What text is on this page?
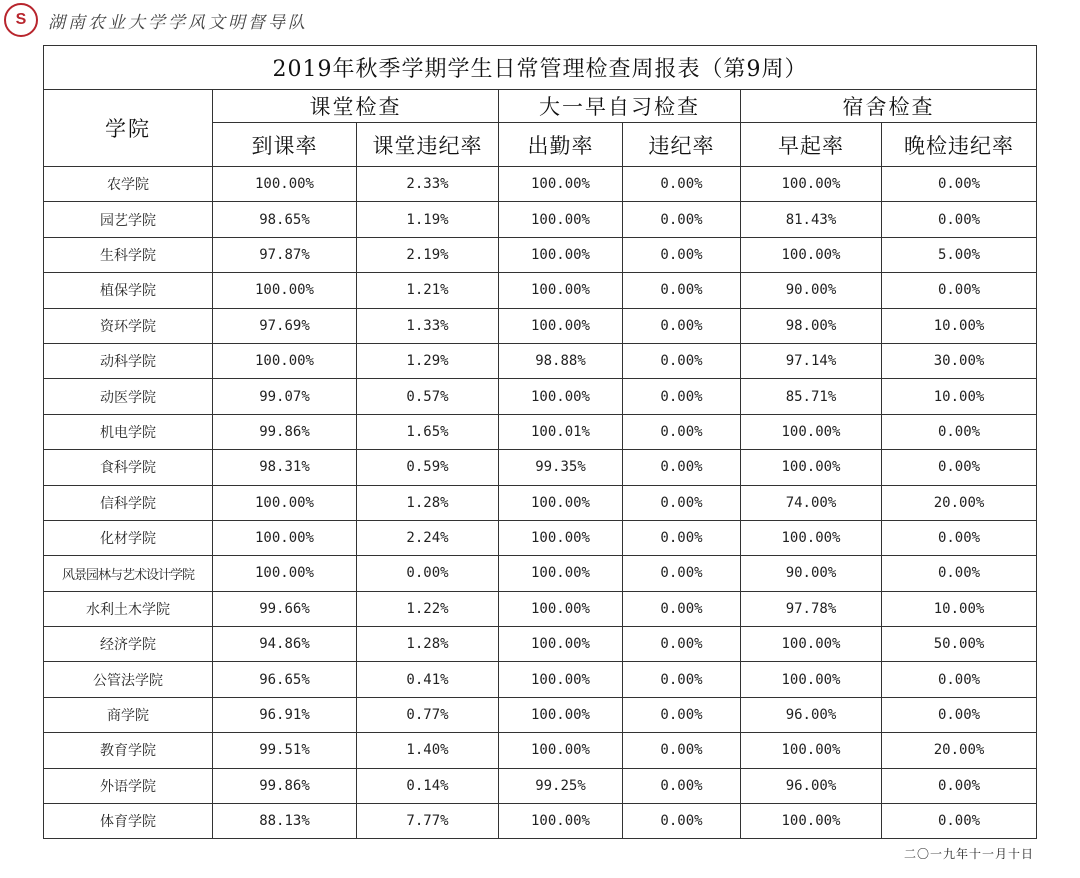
S	湖南农业大学学风文明督导队
2019年秋季学期学生日常管理检查周报表（第9周）						
学院	课堂检查		大一早自习检查		宿舍检查	
	到课率	课堂违纪率	出勤率	违纪率	早起率	晚检违纪率
农学院	100.00%	2.33%	100.00%	0.00%	100.00%	0.00%
园艺学院	98.65%	1.19%	100.00%	0.00%	81.43%	0.00%
生科学院	97.87%	2.19%	100.00%	0.00%	100.00%	5.00%
植保学院	100.00%	1.21%	100.00%	0.00%	90.00%	0.00%
资环学院	97.69%	1.33%	100.00%	0.00%	98.00%	10.00%
动科学院	100.00%	1.29%	98.88%	0.00%	97.14%	30.00%
动医学院	99.07%	0.57%	100.00%	0.00%	85.71%	10.00%
机电学院	99.86%	1.65%	100.01%	0.00%	100.00%	0.00%
食科学院	98.31%	0.59%	99.35%	0.00%	100.00%	0.00%
信科学院	100.00%	1.28%	100.00%	0.00%	74.00%	20.00%
化材学院	100.00%	2.24%	100.00%	0.00%	100.00%	0.00%
风景园林与艺术设计学院	100.00%	0.00%	100.00%	0.00%	90.00%	0.00%
水利土木学院	99.66%	1.22%	100.00%	0.00%	97.78%	10.00%
经济学院	94.86%	1.28%	100.00%	0.00%	100.00%	50.00%
公管法学院	96.65%	0.41%	100.00%	0.00%	100.00%	0.00%
商学院	96.91%	0.77%	100.00%	0.00%	96.00%	0.00%
教育学院	99.51%	1.40%	100.00%	0.00%	100.00%	20.00%
外语学院	99.86%	0.14%	99.25%	0.00%	96.00%	0.00%
体育学院	88.13%	7.77%	100.00%	0.00%	100.00%	0.00%
二〇一九年十一月十日
